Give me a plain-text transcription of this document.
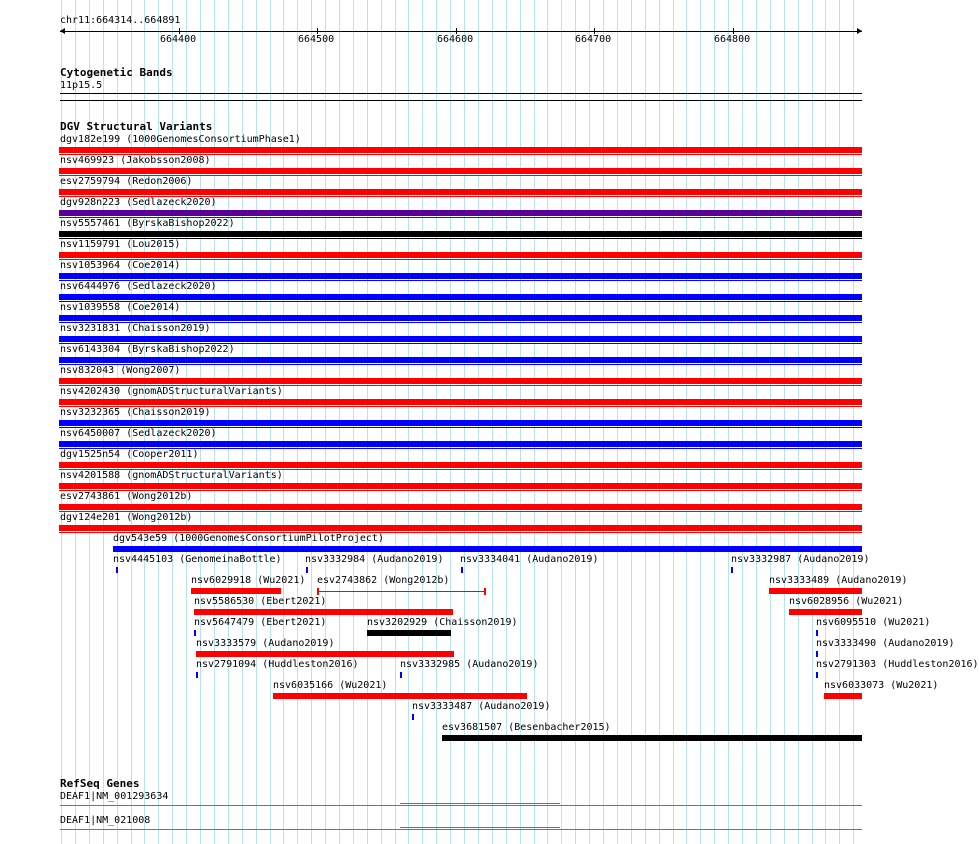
chr11:664314..664891
664400	664500	664600	664700	664800
Cytogenetic Bands
11p15.5
DGV Structural Variants
dgv182e199 (1000GenomesConsortiumPhase1)
nsv469923 (Jakobsson2008)
esv2759794 (Redon2006)
dgv928n223 (Sedlazeck2020)
nsv5557461 (ByrskaBishop2022)
nsv1159791 (Lou2015)
nsv1053964 (Coe2014)
nsv6444976 (Sedlazeck2020)
nsv1039558 (Coe2014)
nsv3231831 (Chaisson2019)
nsv6143304 (ByrskaBishop2022)
nsv832043 (Wong2007)
nsv4202430 (gnomADStructuralVariants)
nsv3232365 (Chaisson2019)
nsv6450007 (Sedlazeck2020)
dgv1525n54 (Cooper2011)
nsv4201588 (gnomADStructuralVariants)
esv2743861 (Wong2012b)
dgv124e201 (Wong2012b)
dgv543e59 (1000GenomesConsortiumPilotProject)
nsv4445103 (GenomeinaBottle) nsv3332984 (Audano2019) nsv3334041 (Audano2019)	nsv3332987 (Audano2019)
nsv6029918 (Wu2021) esv2743862 (Wong2012b)	nsv3333489 (Audano2019)
nsv5586530 (Ebert2021)	nsv6028956 (Wu2021)
nsv5647479 (Ebert2021)	nsv3202929 (Chaisson2019)	nsv6095510 (Wu2021)
nsv3333579 (Audano2019)	nsv3333490 (Audano2019)
nsv2791094 (Huddleston2016)	nsv3332985 (Audano2019)	nsv2791303 (Huddleston2016)
nsv6035166 (Wu2021)	nsv6033073 (Wu2021)
nsv3333487 (Audano2019)
esv3681507 (Besenbacher2015)
RefSeq Genes
DEAF1|NM_001293634
DEAF1|NM_021008
